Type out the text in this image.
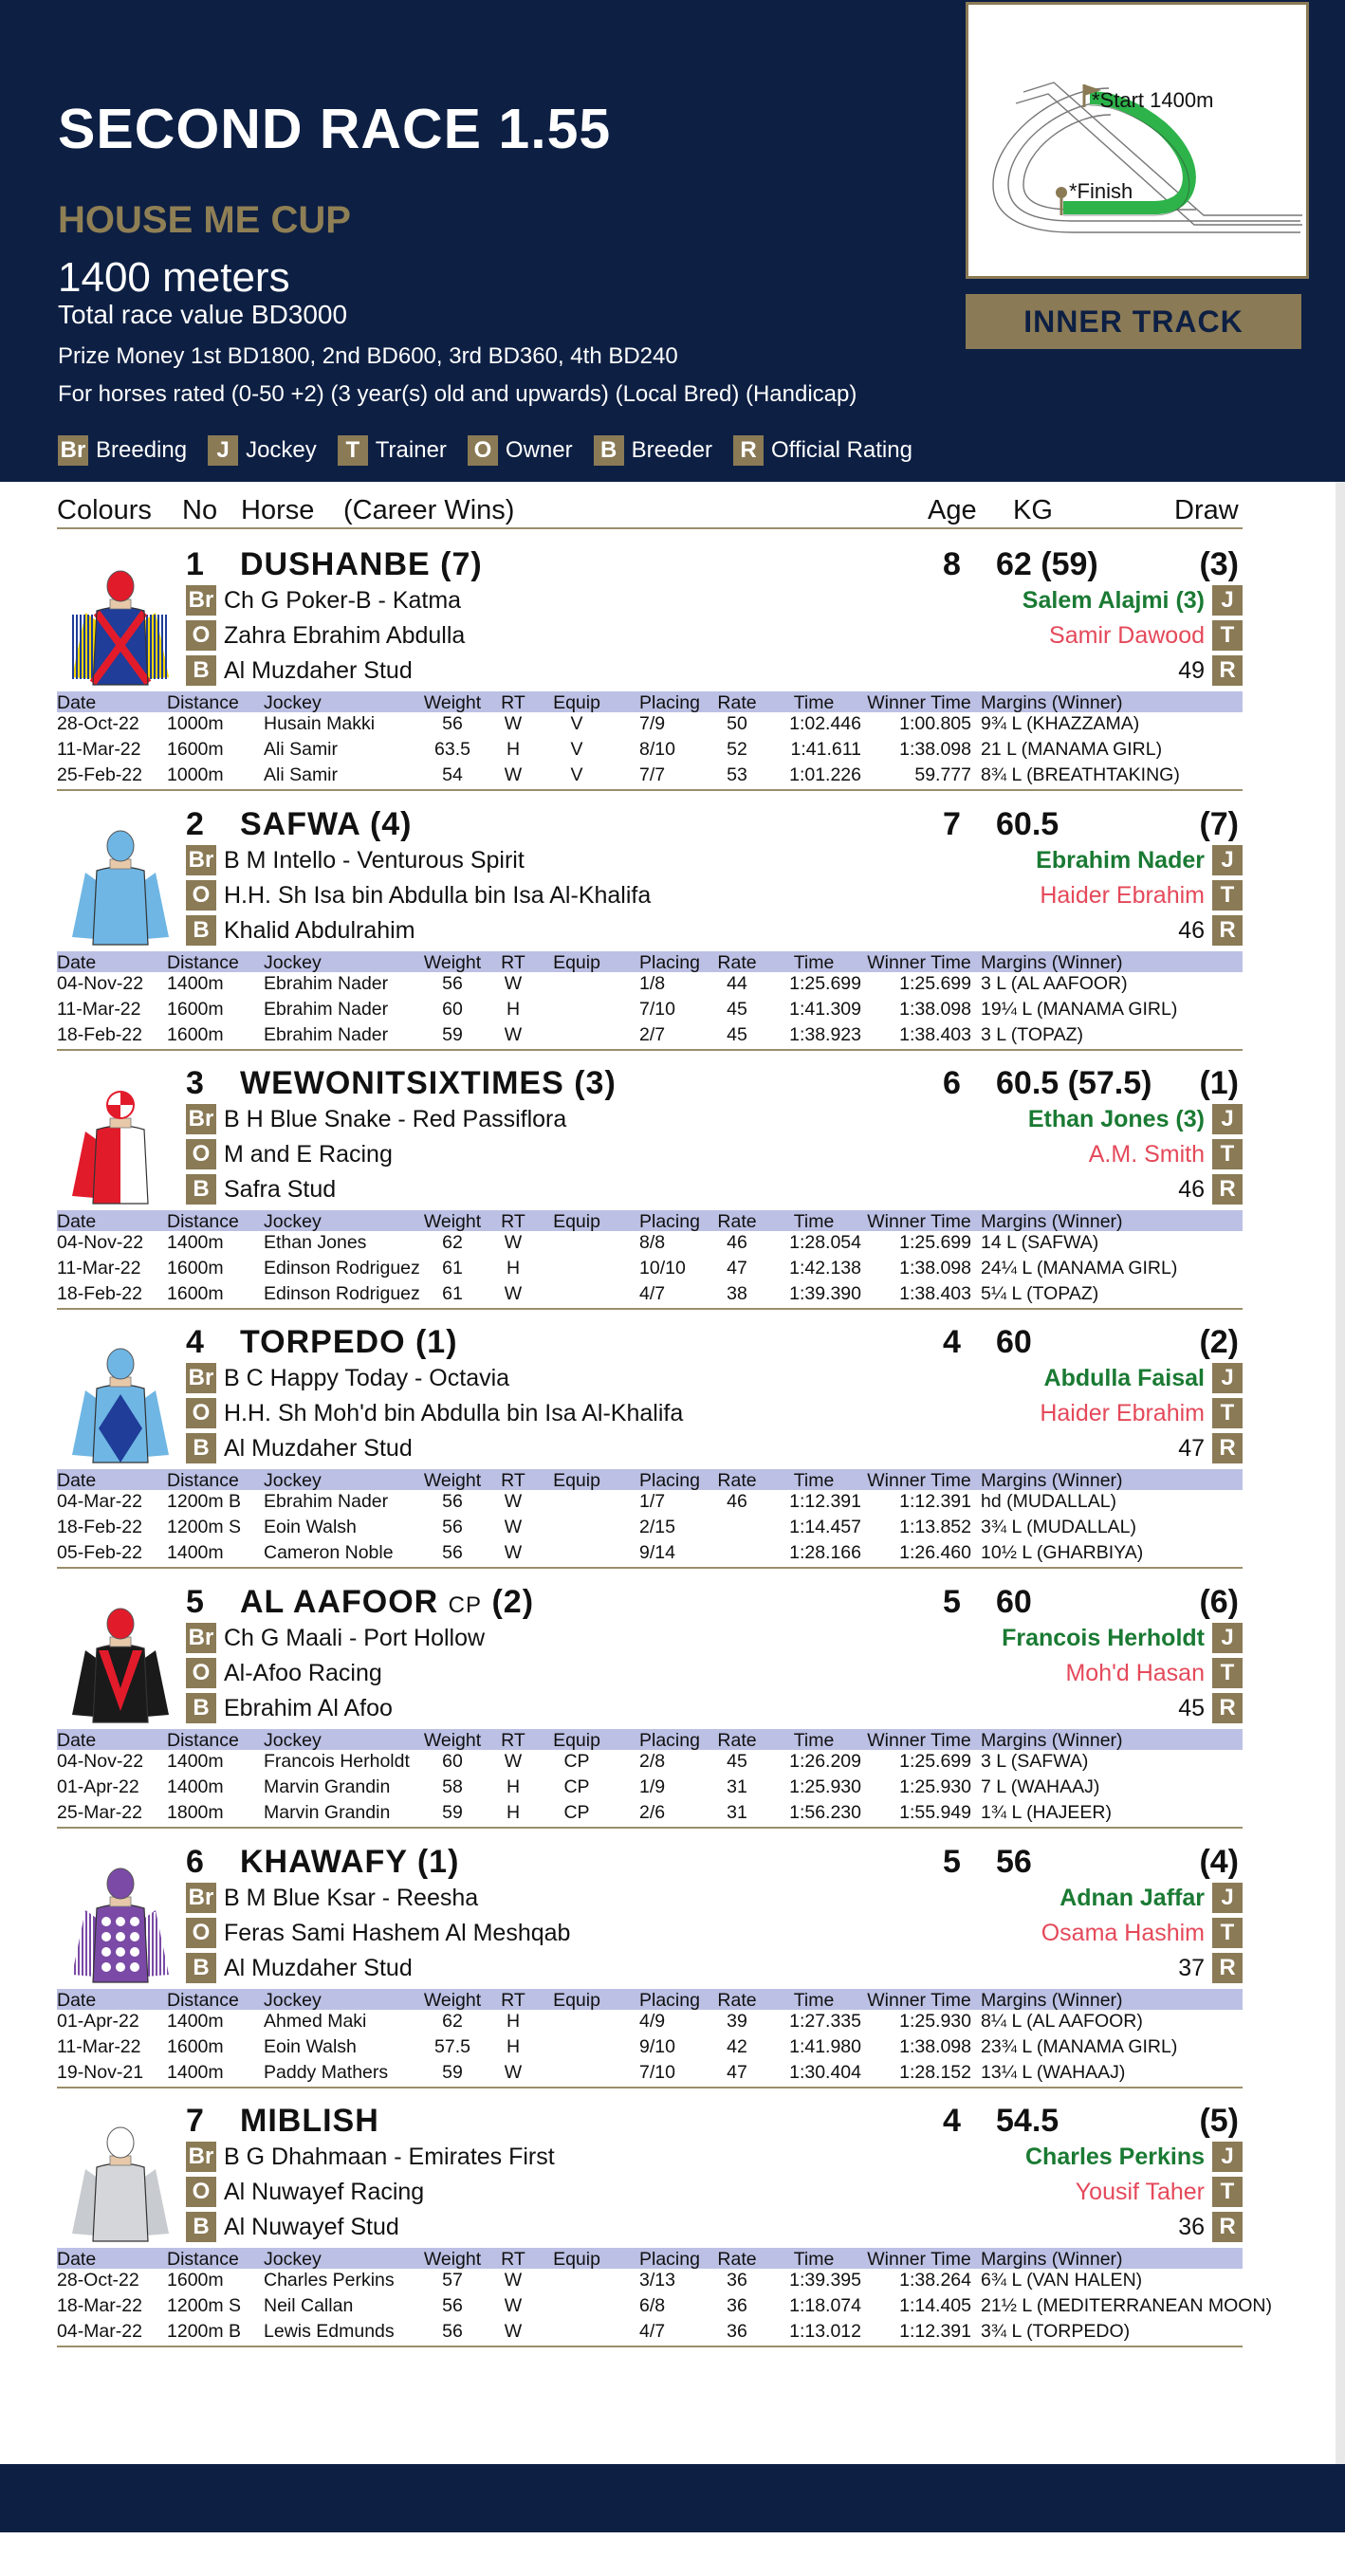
SECOND RACE 1.55
HOUSE ME CUP
1400 meters
Total race value BD3000
Prize Money 1st BD1800, 2nd BD600, 3rd BD360, 4th BD240
For horses rated (0-50 +2) (3 year(s) old and upwards) (Local Bred) (Handicap)
Br Breeding	J Jockey	T Trainer O Owner	B Breeder	R Official Rating
*Start 1400m
*Finish
INNER TRACK
Colours No Horse (Career Wins)	Age KG	Draw
1 DUSHANBE (7)	8 62 (59)	(3)
Br Ch G Poker-B - Katma
O Zahra Ebrahim Abdulla
B Al Muzdaher Stud
Salem Alajmi (3) J
Samir Dawood T
49 R
Date	Distance Jockey	Weight	RT	Equip	Placing Rate	Time	Winner Time Margins (Winner)
28-Oct-22 1000m Husain Makki	56	W	V	7/9	50	1:02.446	1:00.805 9¾ L (KHAZZAMA)
11-Mar-22 1600m Ali Samir	63.5	H	V	8/10	52	1:41.611	1:38.098 21 L (MANAMA GIRL)
25-Feb-22 1000m Ali Samir	54	W	V	7/7	53	1:01.226	59.777 8¾ L (BREATHTAKING)
2 SAFWA (4)	7 60.5	(7)
Br B M Intello - Venturous Spirit
O H.H. Sh Isa bin Abdulla bin Isa Al-Khalifa
B Khalid Abdulrahim
Ebrahim Nader J
Haider Ebrahim T
46 R
Date	Distance Jockey	Weight	RT	Equip	Placing Rate	Time	Winner Time Margins (Winner)
04-Nov-22 1400m Ebrahim Nader	56	W	1/8	44	1:25.699	1:25.699 3 L (AL AAFOOR)
11-Mar-22 1600m Ebrahim Nader	60	H	7/10	45	1:41.309	1:38.098 19¼ L (MANAMA GIRL)
18-Feb-22 1600m Ebrahim Nader	59	W	2/7	45	1:38.923	1:38.403 3 L (TOPAZ)
3 WEWONITSIXTIMES (3)	6 60.5 (57.5) (1)
Br B H Blue Snake - Red Passiflora
O M and E Racing
B Safra Stud
Ethan Jones (3) J
A.M. Smith T
46 R
Date	Distance Jockey	Weight	RT	Equip	Placing Rate	Time	Winner Time Margins (Winner)
04-Nov-22 1400m Ethan Jones	62	W	8/8	46	1:28.054	1:25.699 14 L (SAFWA)
11-Mar-22 1600m Edinson Rodriguez	61	H	10/10	47	1:42.138	1:38.098 24¼ L (MANAMA GIRL)
18-Feb-22 1600m Edinson Rodriguez	61	W	4/7	38	1:39.390	1:38.403 5¼ L (TOPAZ)
4 TORPEDO (1)	4 60	(2)
Br B C Happy Today - Octavia
O H.H. Sh Moh'd bin Abdulla bin Isa Al-Khalifa
B Al Muzdaher Stud
Abdulla Faisal J
Haider Ebrahim T
47 R
Date	Distance Jockey	Weight	RT	Equip	Placing Rate	Time	Winner Time Margins (Winner)
04-Mar-22 1200m B Ebrahim Nader	56	W	1/7	46	1:12.391	1:12.391 hd (MUDALLAL)
18-Feb-22 1200m S Eoin Walsh	56	W	2/15	1:14.457	1:13.852 3¾ L (MUDALLAL)
05-Feb-22 1400m Cameron Noble	56	W	9/14	1:28.166	1:26.460 10½ L (GHARBIYA)
5 AL AAFOOR CP (2)	5 60	(6)
Br Ch G Maali - Port Hollow
O Al-Afoo Racing
B Ebrahim Al Afoo
Francois Herholdt J
Moh'd Hasan T
45 R
Date	Distance Jockey	Weight	RT	Equip	Placing Rate	Time	Winner Time Margins (Winner)
04-Nov-22 1400m Francois Herholdt	60	W	CP	2/8	45	1:26.209	1:25.699 3 L (SAFWA)
01-Apr-22 1400m Marvin Grandin	58	H	CP	1/9	31	1:25.930	1:25.930 7 L (WAHAAJ)
25-Mar-22 1800m Marvin Grandin	59	H	CP	2/6	31	1:56.230	1:55.949 1¾ L (HAJEER)
6 KHAWAFY (1)	5 56	(4)
Br B M Blue Ksar - Reesha
O Feras Sami Hashem Al Meshqab
B Al Muzdaher Stud
Adnan Jaffar J
Osama Hashim T
37 R
Date	Distance Jockey	Weight	RT	Equip	Placing Rate	Time	Winner Time Margins (Winner)
01-Apr-22 1400m Ahmed Maki	62	H	4/9	39	1:27.335	1:25.930 8¼ L (AL AAFOOR)
11-Mar-22 1600m Eoin Walsh	57.5	H	9/10	42	1:41.980	1:38.098 23¾ L (MANAMA GIRL)
19-Nov-21 1400m Paddy Mathers	59	W	7/10	47	1:30.404	1:28.152 13¼ L (WAHAAJ)
7 MIBLISH	4 54.5	(5)
Br B G Dhahmaan - Emirates First
O Al Nuwayef Racing
B Al Nuwayef Stud
Charles Perkins J
Yousif Taher T
36 R
Date	Distance Jockey	Weight	RT	Equip	Placing Rate	Time	Winner Time Margins (Winner)
28-Oct-22 1600m Charles Perkins	57	W	3/13	36	1:39.395	1:38.264 6¾ L (VAN HALEN)
18-Mar-22 1200m S Neil Callan	56	W	6/8	36	1:18.074	1:14.405 21½ L (MEDITERRANEAN MOON)
04-Mar-22 1200m B Lewis Edmunds	56	W	4/7	36	1:13.012	1:12.391 3¾ L (TORPEDO)
